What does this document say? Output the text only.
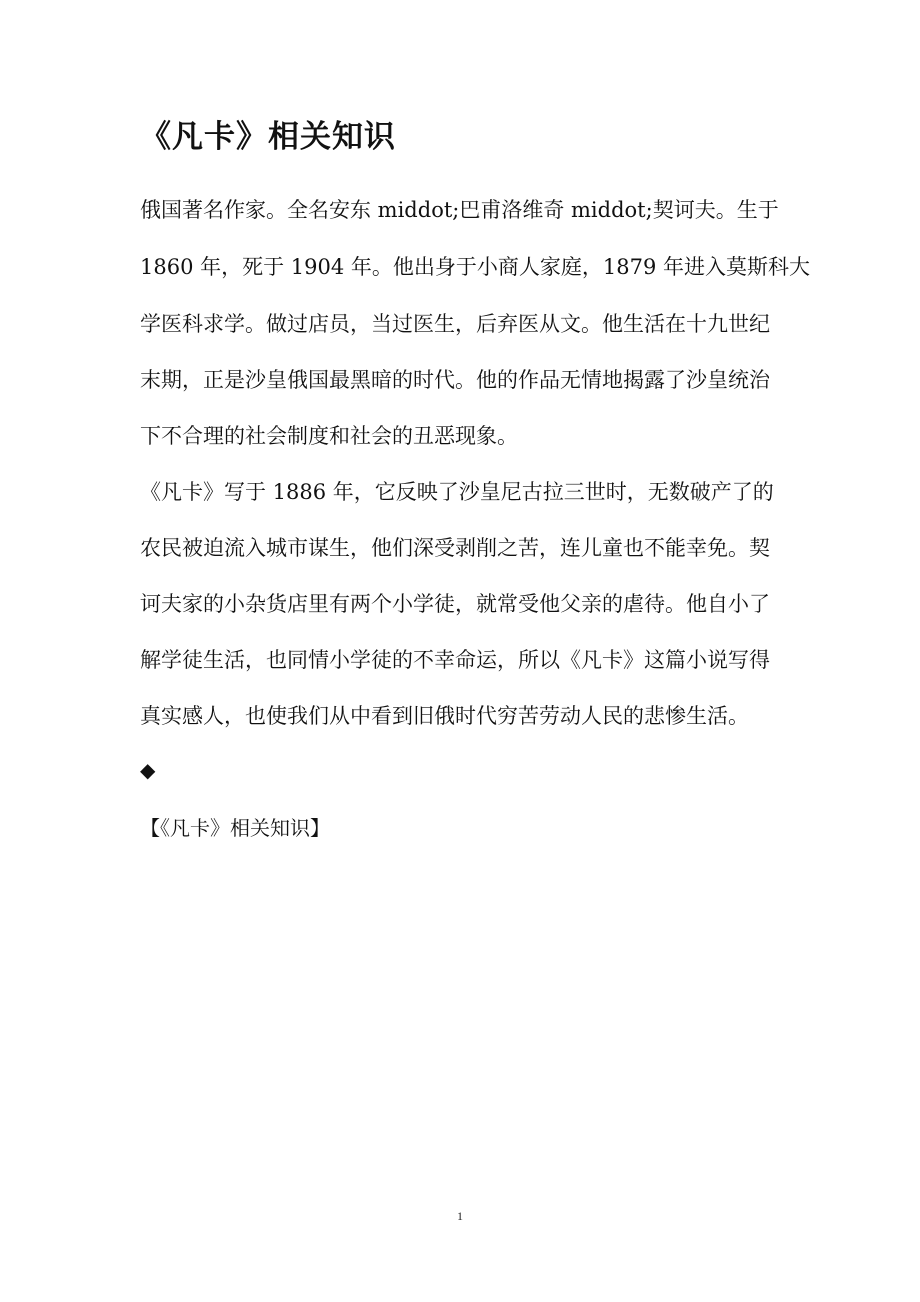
《凡卡》相关知识
俄国著名作家。全名安东 middot;巴甫洛维奇 middot;契诃夫。生于
1860 年，死于 1904 年。他出身于小商人家庭，1879 年进入莫斯科大
学医科求学。做过店员，当过医生，后弃医从文。他生活在十九世纪
末期，正是沙皇俄国最黑暗的时代。他的作品无情地揭露了沙皇统治
下不合理的社会制度和社会的丑恶现象。
《凡卡》写于 1886 年，它反映了沙皇尼古拉三世时，无数破产了的
农民被迫流入城市谋生，他们深受剥削之苦，连儿童也不能幸免。契
诃夫家的小杂货店里有两个小学徒，就常受他父亲的虐待。他自小了
解学徒生活，也同情小学徒的不幸命运，所以《凡卡》这篇小说写得
真实感人，也使我们从中看到旧俄时代穷苦劳动人民的悲惨生活。
◆
【《凡卡》相关知识】
1
